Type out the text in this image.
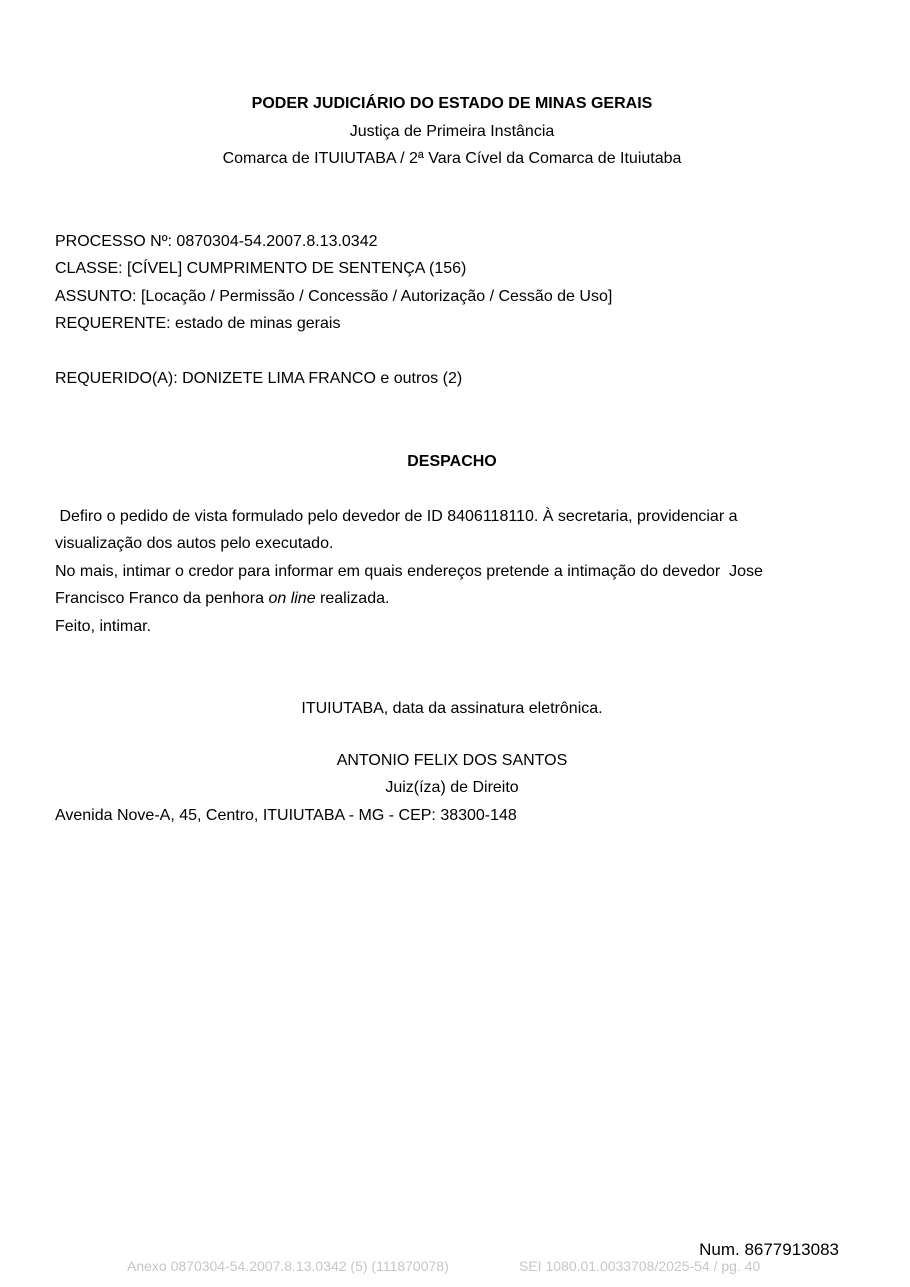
PODER JUDICIÁRIO DO ESTADO DE MINAS GERAIS
Justiça de Primeira Instância
Comarca de ITUIUTABA / 2ª Vara Cível da Comarca de Ituiutaba
PROCESSO Nº: 0870304-54.2007.8.13.0342
CLASSE: [CÍVEL] CUMPRIMENTO DE SENTENÇA (156)
ASSUNTO: [Locação / Permissão / Concessão / Autorização / Cessão de Uso]
REQUERENTE: estado de minas gerais
REQUERIDO(A): DONIZETE LIMA FRANCO e outros (2)
DESPACHO
Defiro o pedido de vista formulado pelo devedor de ID 8406118110. À secretaria, providenciar a
visualização dos autos pelo executado.
No mais, intimar o credor para informar em quais endereços pretende a intimação do devedor  Jose
Francisco Franco da penhora on line realizada.
Feito, intimar.
ITUIUTABA, data da assinatura eletrônica.
ANTONIO FELIX DOS SANTOS
Juiz(íza) de Direito
Avenida Nove-A, 45, Centro, ITUIUTABA - MG - CEP: 38300-148
Num. 8677913083
Anexo 0870304-54.2007.8.13.0342 (5) (111870078)	SEI 1080.01.0033708/2025-54 / pg. 40
